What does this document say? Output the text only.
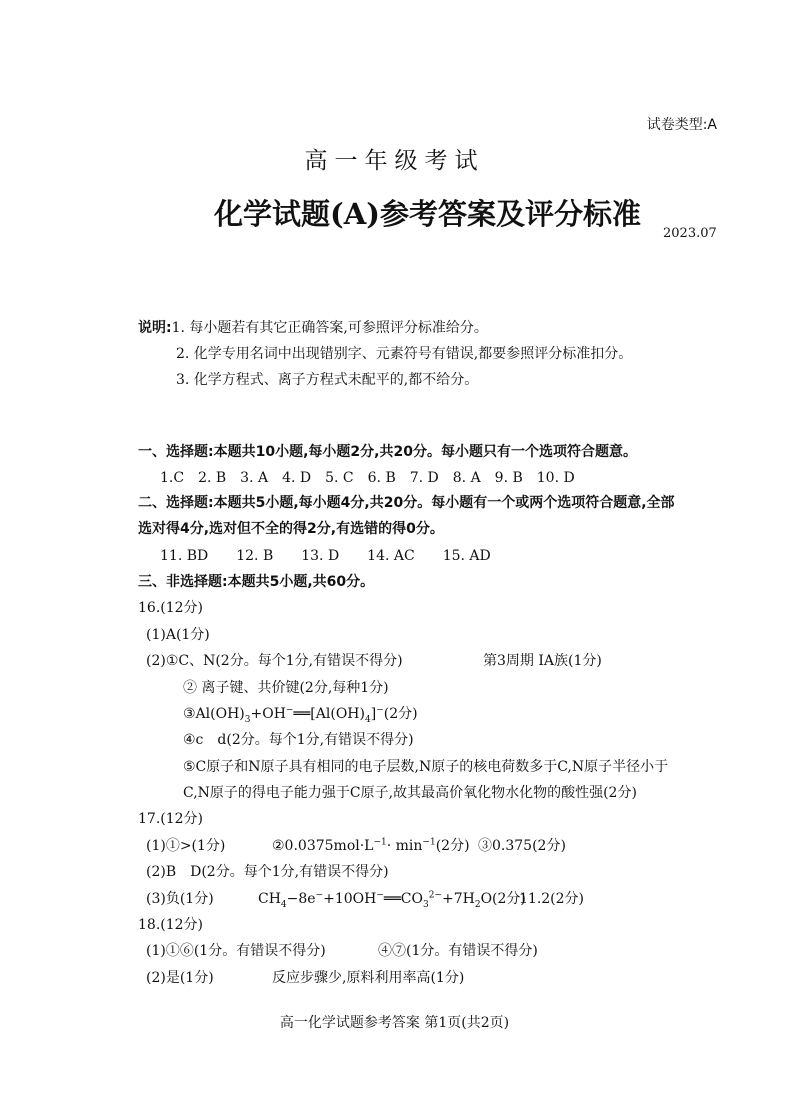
试卷类型:A
高一年级考试
化学试题(A)参考答案及评分标准
2023.07
说明:1. 每小题若有其它正确答案,可参照评分标准给分。
2. 化学专用名词中出现错别字、元素符号有错误,都要参照评分标准扣分。
3. 化学方程式、离子方程式未配平的,都不给分。
一、选择题:本题共10小题,每小题2分,共20分。每小题只有一个选项符合题意。
1.C　2. B　3. A　4. D　5. C　6. B　7. D　8. A　9. B　10. D
二、选择题:本题共5小题,每小题4分,共20分。每小题有一个或两个选项符合题意,全部
选对得4分,选对但不全的得2分,有选错的得0分。
11. BD　　12. B　　13. D　　14. AC　　15. AD
三、非选择题:本题共5小题,共60分。
16.(12分)
(1)A(1分)
(2)①C、N(2分。每个1分,有错误不得分)	第3周期 ⅠA族(1分)
② 离子键、共价键(2分,每种1分)
$③Al(OH)_3+OH^-══[Al(OH)_4]^-(2$分)
④c　d(2分。每个1分,有错误不得分)
⑤C原子和N原子具有相同的电子层数,N原子的核电荷数多于C,N原子半径小于
C,N原子的得电子能力强于C原子,故其最高价氧化物水化物的酸性强(2分)
17.(12分)
(1)①>(1分)	$②0.0375mol\cdot L^{-1}\cdot \min^{-1}(2$分) ③0.375(2分)
(2)B　D(2分。每个1分,有错误不得分)
(3)负(1分)	$CH_4-8e^-+10OH^-══CO_3^{2-}+7H_2O(2$分)
11.2(2分)
18.(12分)
(1)①⑥(1分。有错误不得分)	④⑦(1分。有错误不得分)
(2)是(1分)	反应步骤少,原料利用率高(1分)
高一化学试题参考答案 第1页(共2页)
